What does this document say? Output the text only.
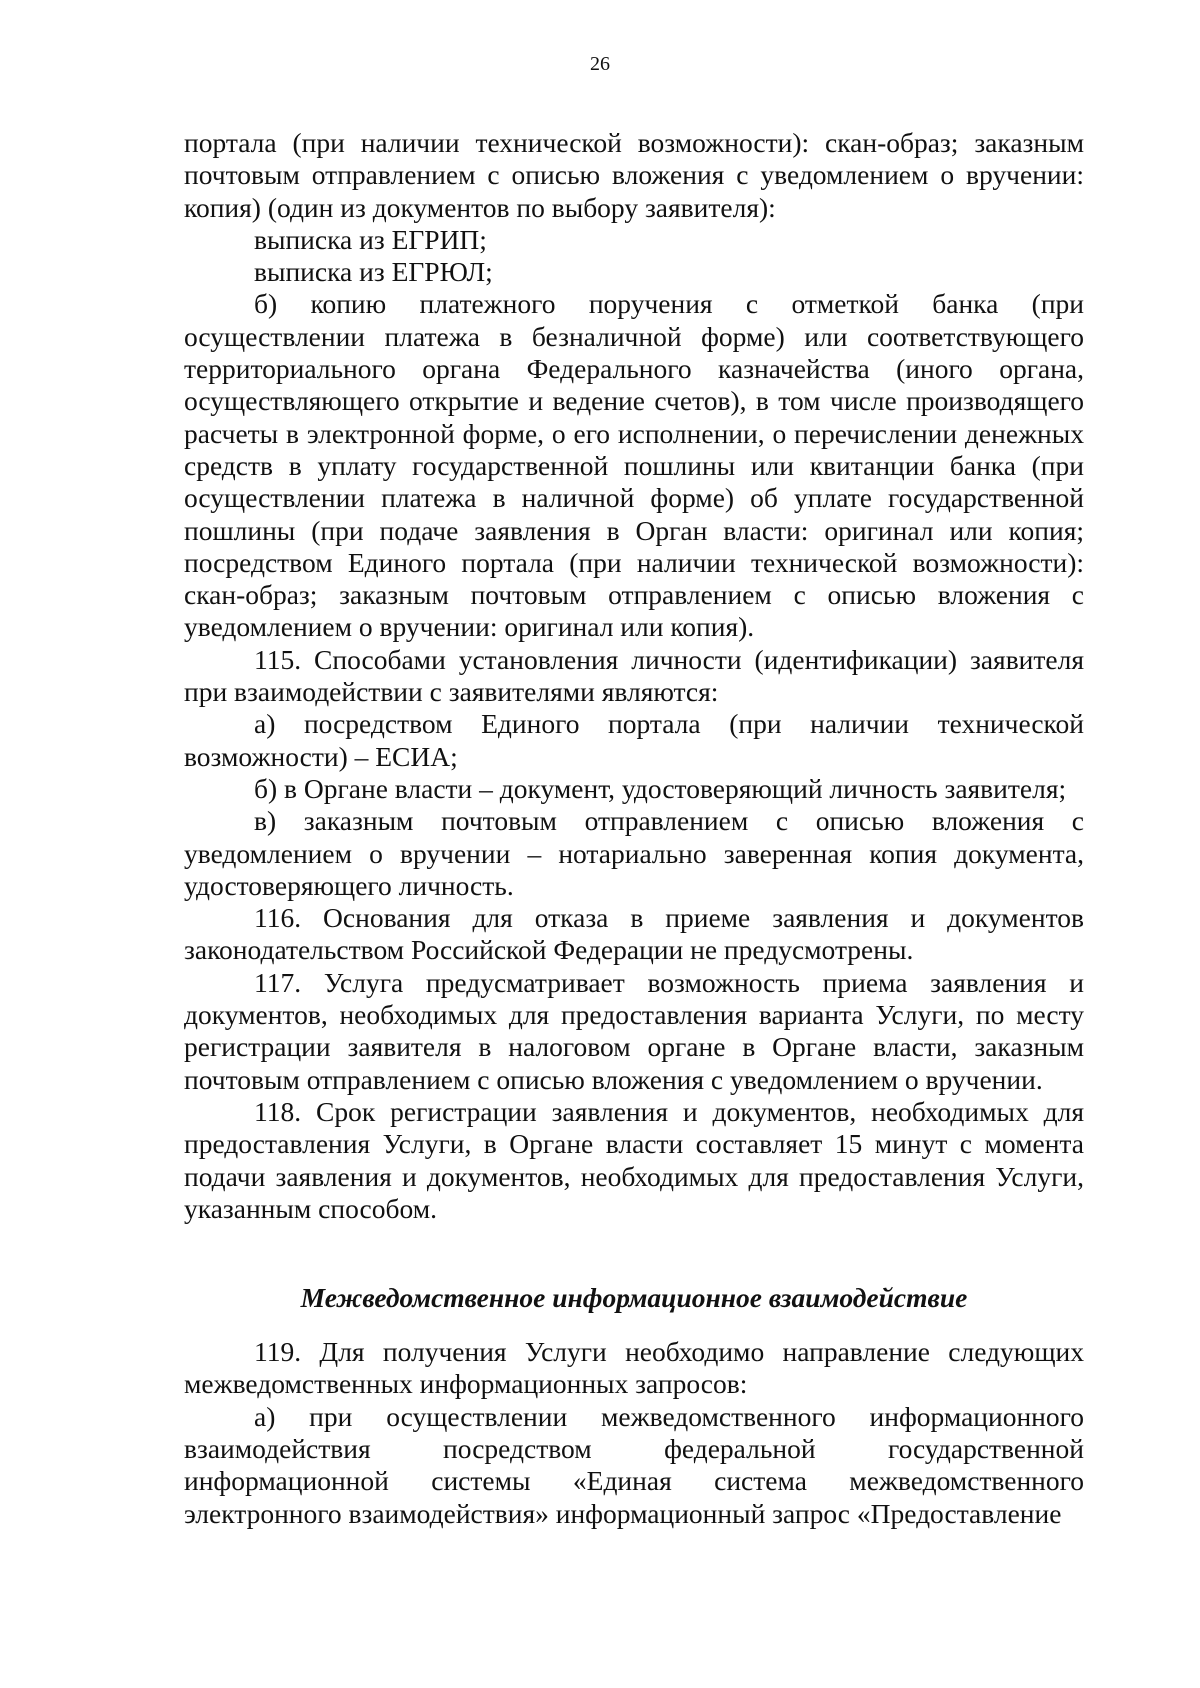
26

портала (при наличии технической возможности): скан-образ; заказным почтовым отправлением с описью вложения с уведомлением о вручении: копия) (один из документов по выбору заявителя):

выписка из ЕГРИП;

выписка из ЕГРЮЛ;

б) копию платежного поручения с отметкой банка (при осуществлении платежа в безналичной форме) или соответствующего территориального органа Федерального казначейства (иного органа, осуществляющего открытие и ведение счетов), в том числе производящего расчеты в электронной форме, о его исполнении, о перечислении денежных средств в уплату государственной пошлины или квитанции банка (при осуществлении платежа в наличной форме) об уплате государственной пошлины (при подаче заявления в Орган власти: оригинал или копия; посредством Единого портала (при наличии технической возможности): скан-образ; заказным почтовым отправлением с описью вложения с уведомлением о вручении: оригинал или копия).

115. Способами установления личности (идентификации) заявителя при взаимодействии с заявителями являются:

а) посредством Единого портала (при наличии технической возможности) – ЕСИА;

б) в Органе власти – документ, удостоверяющий личность заявителя;

в) заказным почтовым отправлением с описью вложения с уведомлением о вручении – нотариально заверенная копия документа, удостоверяющего личность.

116. Основания для отказа в приеме заявления и документов законодательством Российской Федерации не предусмотрены.

117. Услуга предусматривает возможность приема заявления и документов, необходимых для предоставления варианта Услуги, по месту регистрации заявителя в налоговом органе в Органе власти, заказным почтовым отправлением с описью вложения с уведомлением о вручении.

118. Срок регистрации заявления и документов, необходимых для предоставления Услуги, в Органе власти составляет 15 минут с момента подачи заявления и документов, необходимых для предоставления Услуги, указанным способом.

Межведомственное информационное взаимодействие

119. Для получения Услуги необходимо направление следующих межведомственных информационных запросов:

а) при осуществлении межведомственного информационного взаимодействия посредством федеральной государственной информационной системы «Единая система межведомственного электронного взаимодействия» информационный запрос «Предоставление
